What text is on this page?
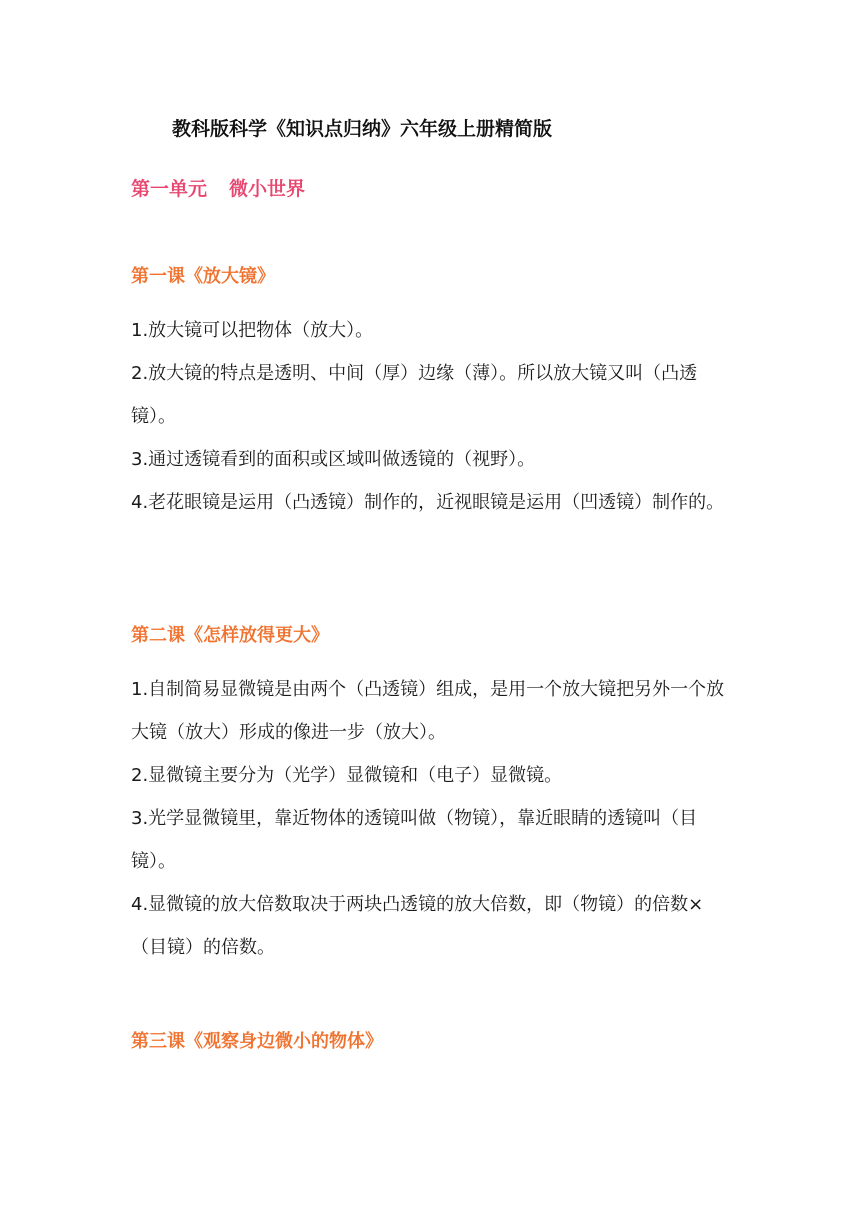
教科版科学《知识点归纳》六年级上册精简版
第一单元 微小世界
第一课《放大镜》

1.放大镜可以把物体（放大）。

2.放大镜的特点是透明、中间（厚）边缘（薄）。所以放大镜又叫（凸透镜）。

3.通过透镜看到的面积或区域叫做透镜的（视野）。

4.老花眼镜是运用（凸透镜）制作的，近视眼镜是运用（凹透镜）制作的。

第二课《怎样放得更大》

1.自制简易显微镜是由两个（凸透镜）组成，是用一个放大镜把另外一个放大镜（放大）形成的像进一步（放大）。

2.显微镜主要分为（光学）显微镜和（电子）显微镜。

3.光学显微镜里，靠近物体的透镜叫做（物镜），靠近眼睛的透镜叫（目镜）。

4.显微镜的放大倍数取决于两块凸透镜的放大倍数，即（物镜）的倍数×（目镜）的倍数。

第三课《观察身边微小的物体》
